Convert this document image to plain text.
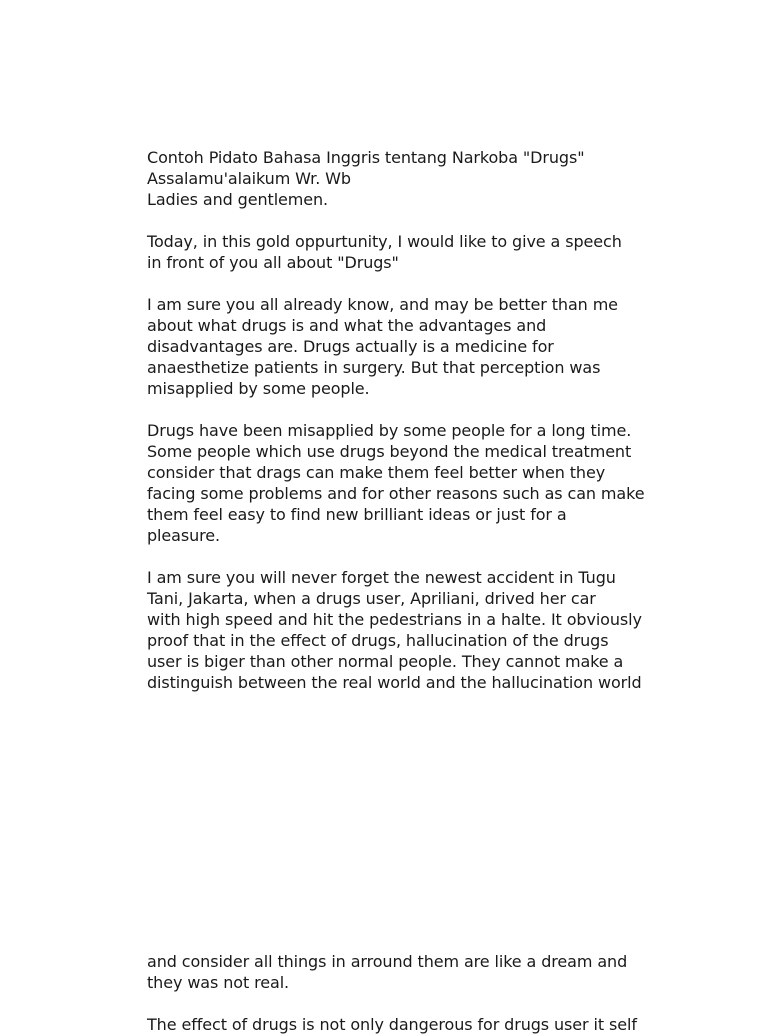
Contoh Pidato Bahasa Inggris tentang Narkoba "Drugs"
Assalamu'alaikum Wr. Wb
Ladies and gentlemen.

Today, in this gold oppurtunity, I would like to give a speech
in front of you all about "Drugs"

I am sure you all already know, and may be better than me
about what drugs is and what the advantages and
disadvantages are. Drugs actually is a medicine for
anaesthetize patients in surgery. But that perception was
misapplied by some people.

Drugs have been misapplied by some people for a long time.
Some people which use drugs beyond the medical treatment
consider that drags can make them feel better when they
facing some problems and for other reasons such as can make
them feel easy to find new brilliant ideas or just for a
pleasure.

I am sure you will never forget the newest accident in Tugu
Tani, Jakarta, when a drugs user, Apriliani, drived her car
with high speed and hit the pedestrians in a halte. It obviously
proof that in the effect of drugs, hallucination of the drugs
user is biger than other normal people. They cannot make a
distinguish between the real world and the hallucination world

and consider all things in arround them are like a dream and
they was not real.

The effect of drugs is not only dangerous for drugs user it self
